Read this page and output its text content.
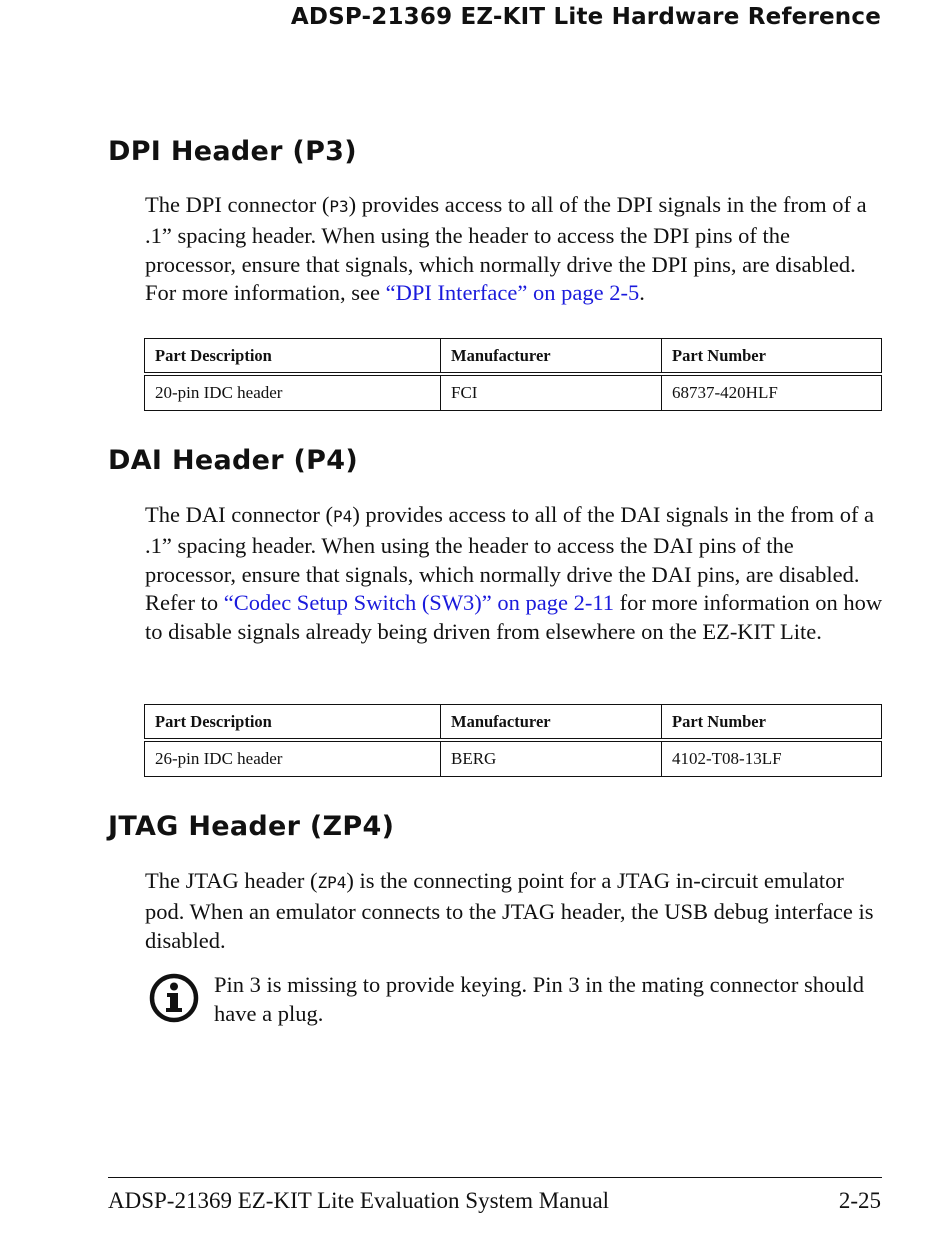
ADSP-21369 EZ-KIT Lite Hardware Reference
DPI Header (P3)

The DPI connector (P3) provides access to all of the DPI signals in the from of a .1” spacing header. When using the header to access the DPI pins of the processor, ensure that signals, which normally drive the DPI pins, are disabled. For more information, see “DPI Interface” on page 2-5.

Part Description	Manufacturer	Part Number
20-pin IDC header	FCI	68737-420HLF
DAI Header (P4)

The DAI connector (P4) provides access to all of the DAI signals in the from of a .1” spacing header. When using the header to access the DAI pins of the processor, ensure that signals, which normally drive the DAI pins, are disabled. Refer to “Codec Setup Switch (SW3)” on page 2-11 for more information on how to disable signals already being driven from elsewhere on the EZ-KIT Lite.

Part Description	Manufacturer	Part Number
26-pin IDC header	BERG	4102-T08-13LF
JTAG Header (ZP4)

The JTAG header (ZP4) is the connecting point for a JTAG in-circuit emulator pod. When an emulator connects to the JTAG header, the USB debug interface is disabled.

Pin 3 is missing to provide keying. Pin 3 in the mating connector should have a plug.

ADSP-21369 EZ-KIT Lite Evaluation System Manual	2-25
